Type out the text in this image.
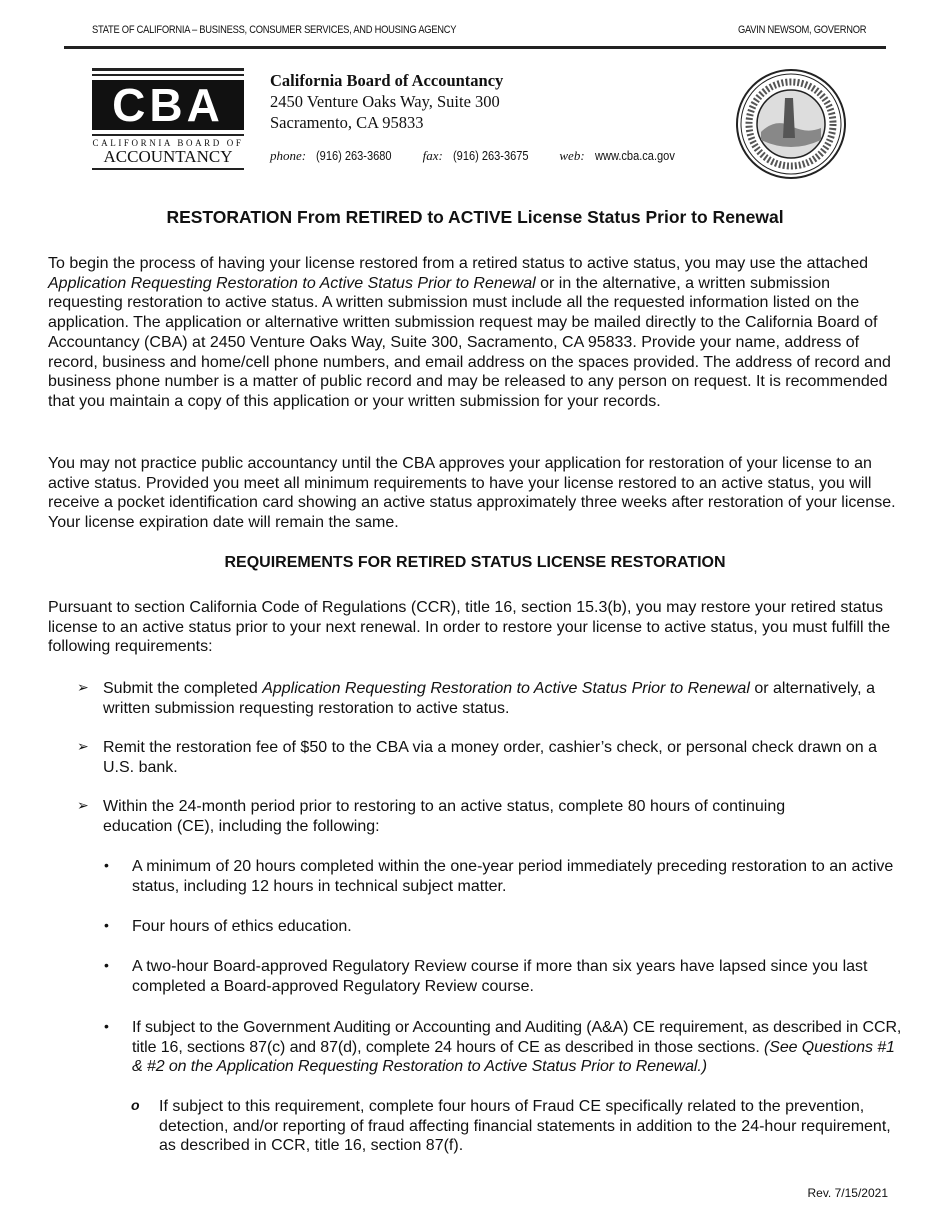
STATE OF CALIFORNIA – BUSINESS, CONSUMER SERVICES, AND HOUSING AGENCY	GAVIN NEWSOM, GOVERNOR
CBA
CALIFORNIA BOARD OF
ACCOUNTANCY
California Board of Accountancy
2450 Venture Oaks Way, Suite 300
Sacramento, CA 95833
phone: (916) 263-3680 fax: (916) 263-3675 web: www.cba.ca.gov
RESTORATION From RETIRED to ACTIVE License Status Prior to Renewal

To begin the process of having your license restored from a retired status to active status, you may use the attached Application Requesting Restoration to Active Status Prior to Renewal or in the alternative, a written submission requesting restoration to active status. A written submission must include all the requested information listed on the application. The application or alternative written submission request may be mailed directly to the California Board of Accountancy (CBA) at 2450 Venture Oaks Way, Suite 300, Sacramento, CA 95833. Provide your name, address of record, business and home/cell phone numbers, and email address on the spaces provided. The address of record and business phone number is a matter of public record and may be released to any person on request. It is recommended that you maintain a copy of this application or your written submission for your records.

You may not practice public accountancy until the CBA approves your application for restoration of your license to an active status. Provided you meet all minimum requirements to have your license restored to an active status, you will receive a pocket identification card showing an active status approximately three weeks after restoration of your license. Your license expiration date will remain the same.

REQUIREMENTS FOR RETIRED STATUS LICENSE RESTORATION

Pursuant to section California Code of Regulations (CCR), title 16, section 15.3(b), you may restore your retired status license to an active status prior to your next renewal. In order to restore your license to active status, you must fulfill the following requirements:

➢ Submit the completed Application Requesting Restoration to Active Status Prior to Renewal or alternatively, a written submission requesting restoration to active status.

➢ Remit the restoration fee of $50 to the CBA via a money order, cashier’s check, or personal check drawn on a U.S. bank.

➢ Within the 24-month period prior to restoring to an active status, complete 80 hours of continuing education (CE), including the following:

• A minimum of 20 hours completed within the one-year period immediately preceding restoration to an active status, including 12 hours in technical subject matter.

• Four hours of ethics education.

• A two-hour Board-approved Regulatory Review course if more than six years have lapsed since you last completed a Board-approved Regulatory Review course.

• If subject to the Government Auditing or Accounting and Auditing (A&A) CE requirement, as described in CCR, title 16, sections 87(c) and 87(d), complete 24 hours of CE as described in those sections. (See Questions #1 & #2 on the Application Requesting Restoration to Active Status Prior to Renewal.)

o If subject to this requirement, complete four hours of Fraud CE specifically related to the prevention, detection, and/or reporting of fraud affecting financial statements in addition to the 24-hour requirement, as described in CCR, title 16, section 87(f).

Rev. 7/15/2021
